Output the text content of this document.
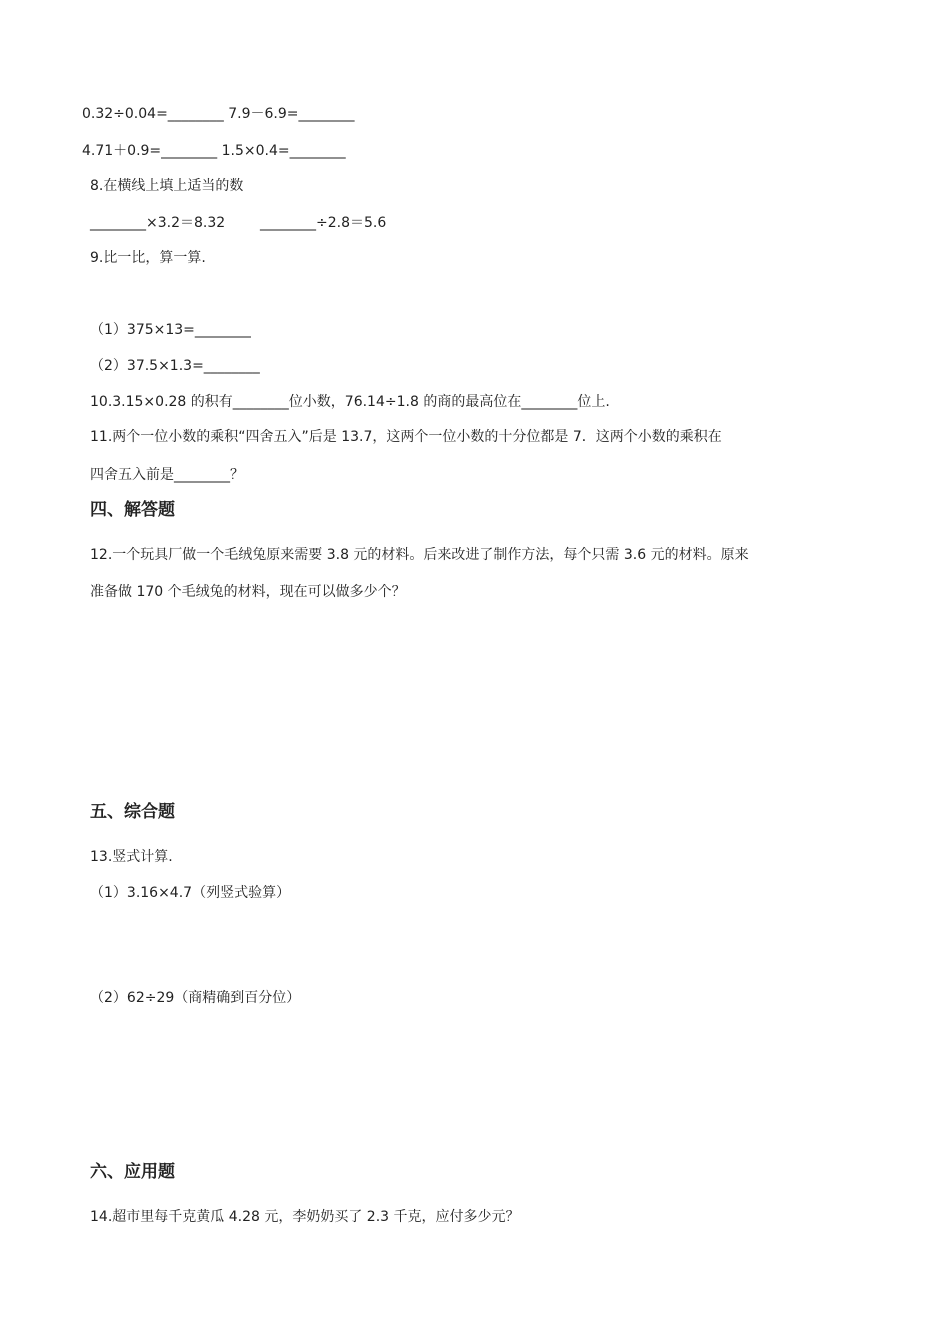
0.32÷0.04=________ 7.9－6.9=________
4.71＋0.9=________ 1.5×0.4=________
8.在横线上填上适当的数
________×3.2＝8.32 ________÷2.8＝5.6
9.比一比，算一算.
（1）375×13=________
（2）37.5×1.3=________
10.3.15×0.28 的积有________位小数，76.14÷1.8 的商的最高位在________位上.
11.两个一位小数的乘积“四舍五入”后是 13.7，这两个一位小数的十分位都是 7．这两个小数的乘积在
四舍五入前是________？
四、解答题
12.一个玩具厂做一个毛绒兔原来需要 3.8 元的材料。后来改进了制作方法，每个只需 3.6 元的材料。原来
准备做 170 个毛绒兔的材料，现在可以做多少个？
五、综合题
13.竖式计算.
（1）3.16×4.7（列竖式验算）
（2）62÷29（商精确到百分位）
六、应用题
14.超市里每千克黄瓜 4.28 元，李奶奶买了 2.3 千克，应付多少元？
